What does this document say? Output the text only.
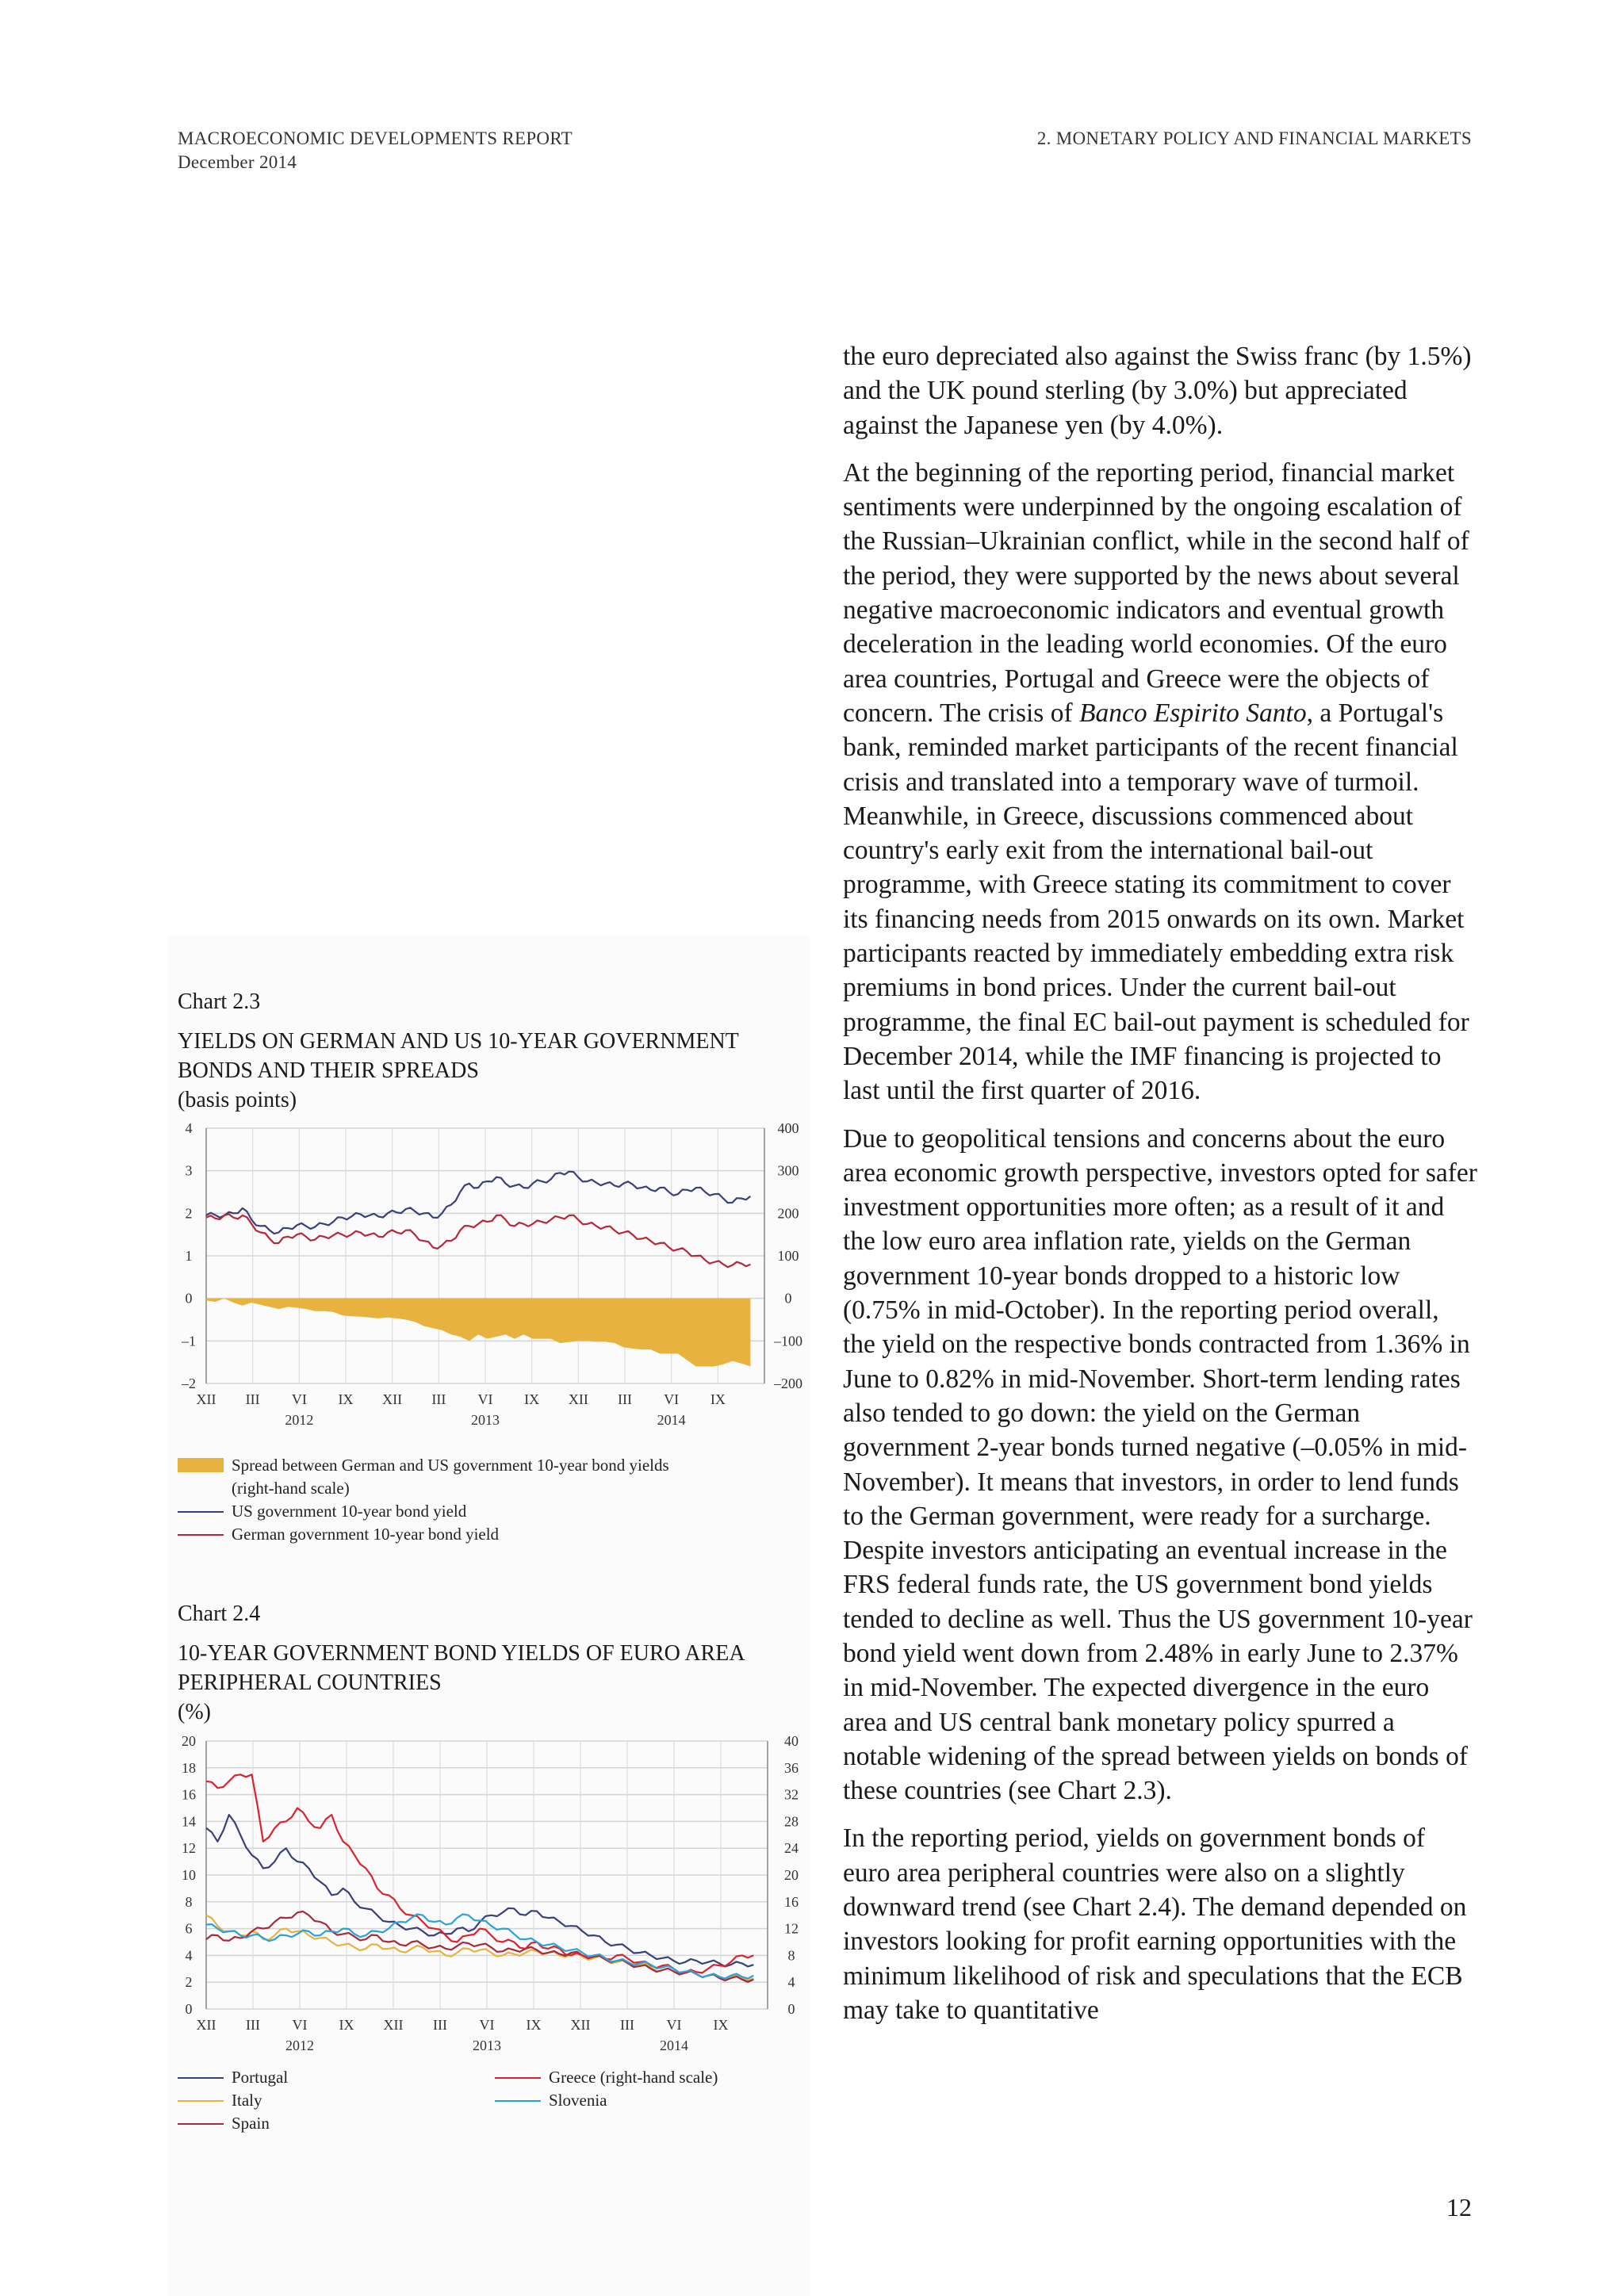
MACROECONOMIC DEVELOPMENTS REPORT
December 2014
2. MONETARY POLICY AND FINANCIAL MARKETS

the euro depreciated also against the Swiss franc (by 1.5%) and the UK pound sterling (by 3.0%) but appreciated against the Japanese yen (by 4.0%).

At the beginning of the reporting period, financial market sentiments were underpinned by the ongoing escalation of the Russian–Ukrainian conflict, while in the second half of the period, they were supported by the news about several negative macroeconomic indicators and eventual growth deceleration in the leading world economies. Of the euro area countries, Portugal and Greece were the objects of concern. The crisis of Banco Espirito Santo, a Portugal's bank, reminded market participants of the recent financial crisis and translated into a temporary wave of turmoil. Meanwhile, in Greece, discussions commenced about country's early exit from the international bail-out programme, with Greece stating its commitment to cover its financing needs from 2015 onwards on its own. Market participants reacted by immediately embedding extra risk premiums in bond prices. Under the current bail-out programme, the final EC bail-out payment is scheduled for December 2014, while the IMF financing is projected to last until the first quarter of 2016.

Due to geopolitical tensions and concerns about the euro area economic growth perspective, investors opted for safer investment opportunities more often; as a result of it and the low euro area inflation rate, yields on the German government 10-year bonds dropped to a historic low (0.75% in mid-October). In the reporting period overall, the yield on the respective bonds contracted from 1.36% in June to 0.82% in mid-November. Short-term lending rates also tended to go down: the yield on the German government 2-year bonds turned negative (–0.05% in mid-November). It means that investors, in order to lend funds to the German government, were ready for a surcharge. Despite investors anticipating an eventual increase in the FRS federal funds rate, the US government bond yields tended to decline as well. Thus the US government 10-year bond yield went down from 2.48% in early June to 2.37% in mid-November. The expected divergence in the euro area and US central bank monetary policy spurred a notable widening of the spread between yields on bonds of these countries (see Chart 2.3).

In the reporting period, yields on government bonds of euro area peripheral countries were also on a slightly downward trend (see Chart 2.4). The demand depended on investors looking for profit earning opportunities with the minimum likelihood of risk and speculations that the ECB may take to quantitative

Chart 2.3
YIELDS ON GERMAN AND US 10-YEAR GOVERNMENT BONDS AND THEIR SPREADS
(basis points)
4
3
2
1
0
–1
–2
400
300
200
100
0
–100
–200
XII III VI IX XII III VI IX XII III VI IX
2012	2013	2014
Spread between German and US government 10-year bond yields
(right-hand scale)
US government 10-year bond yield
German government 10-year bond yield
Chart 2.4
10-YEAR GOVERNMENT BOND YIELDS OF EURO AREA PERIPHERAL COUNTRIES
(%)
20
18
16
14
12
10
8
6
4
2
0
40
36
32
28
24
20
16
12
8
4
0
XII III VI IX XII III VI IX XII III VI IX
2012	2013	2014
Portugal
Italy
Spain
Greece (right-hand scale)
Slovenia
12
